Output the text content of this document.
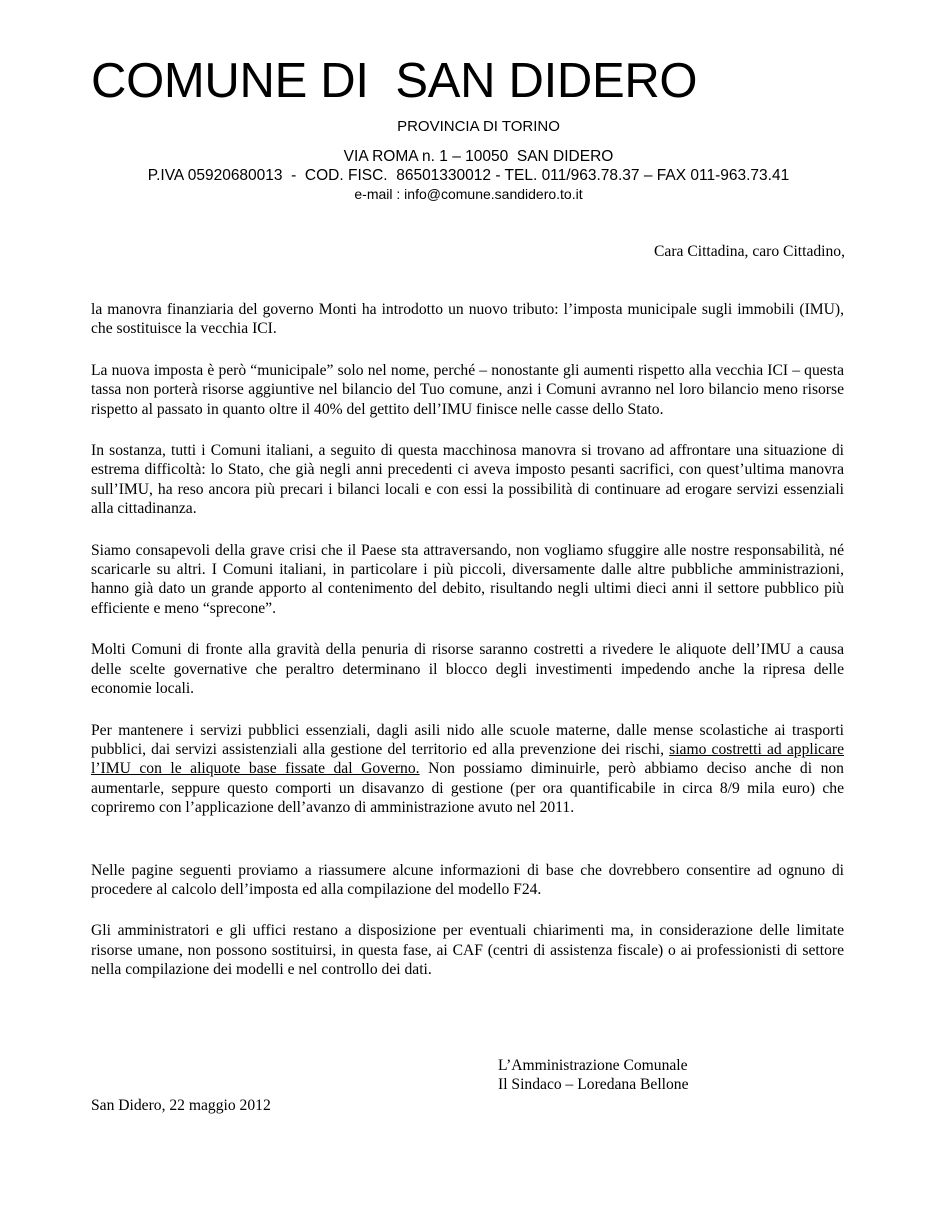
COMUNE DI  SAN DIDERO
PROVINCIA DI TORINO
VIA ROMA n. 1 – 10050  SAN DIDERO
P.IVA 05920680013  -  COD. FISC.  86501330012 - TEL. 011/963.78.37 – FAX 011-963.73.41
e-mail : info@comune.sandidero.to.it
Cara Cittadina, caro Cittadino,

la manovra finanziaria del governo Monti ha introdotto un nuovo tributo: l’imposta municipale sugli immobili (IMU), che sostituisce la vecchia ICI.

La nuova imposta è però “municipale” solo nel nome, perché – nonostante gli aumenti rispetto alla vecchia ICI – questa tassa non porterà risorse aggiuntive nel bilancio del Tuo comune, anzi i Comuni avranno nel loro bilancio meno risorse rispetto al passato in quanto oltre il 40% del gettito dell’IMU finisce nelle casse dello Stato.

In sostanza, tutti i Comuni italiani, a seguito di questa macchinosa manovra si trovano ad affrontare una situazione di estrema difficoltà: lo Stato, che già negli anni precedenti ci aveva imposto pesanti sacrifici, con quest’ultima manovra sull’IMU, ha reso ancora più precari i bilanci locali e con essi la possibilità di continuare ad erogare servizi essenziali alla cittadinanza.

Siamo consapevoli della grave crisi che il Paese sta attraversando, non vogliamo sfuggire alle nostre responsabilità, né scaricarle su altri. I Comuni italiani, in particolare i più piccoli, diversamente dalle altre pubbliche amministrazioni, hanno già dato un grande apporto al contenimento del debito, risultando negli ultimi dieci anni il settore pubblico più efficiente e meno “sprecone”.

Molti Comuni di fronte alla gravità della penuria di risorse saranno costretti a rivedere le aliquote dell’IMU a causa delle scelte governative che peraltro determinano il blocco degli investimenti impedendo anche la ripresa delle economie locali.

Per mantenere i servizi pubblici essenziali, dagli asili nido alle scuole materne, dalle mense scolastiche ai trasporti pubblici, dai servizi assistenziali alla gestione del territorio ed alla prevenzione dei rischi, siamo costretti ad applicare l’IMU con le aliquote base fissate dal Governo. Non possiamo diminuirle, però abbiamo deciso anche di non aumentarle, seppure questo comporti un disavanzo di gestione (per ora quantificabile in circa 8/9 mila euro) che copriremo con l’applicazione dell’avanzo di amministrazione avuto nel 2011.

Nelle pagine seguenti proviamo a riassumere alcune informazioni di base che dovrebbero consentire ad ognuno di procedere al calcolo dell’imposta ed alla compilazione del modello F24.

Gli amministratori e gli uffici restano a disposizione per eventuali chiarimenti ma, in considerazione delle limitate risorse umane, non possono sostituirsi, in questa fase, ai CAF (centri di assistenza fiscale) o ai professionisti di settore nella compilazione dei modelli e nel controllo dei dati.

L’Amministrazione Comunale
Il Sindaco – Loredana Bellone
San Didero, 22 maggio 2012
